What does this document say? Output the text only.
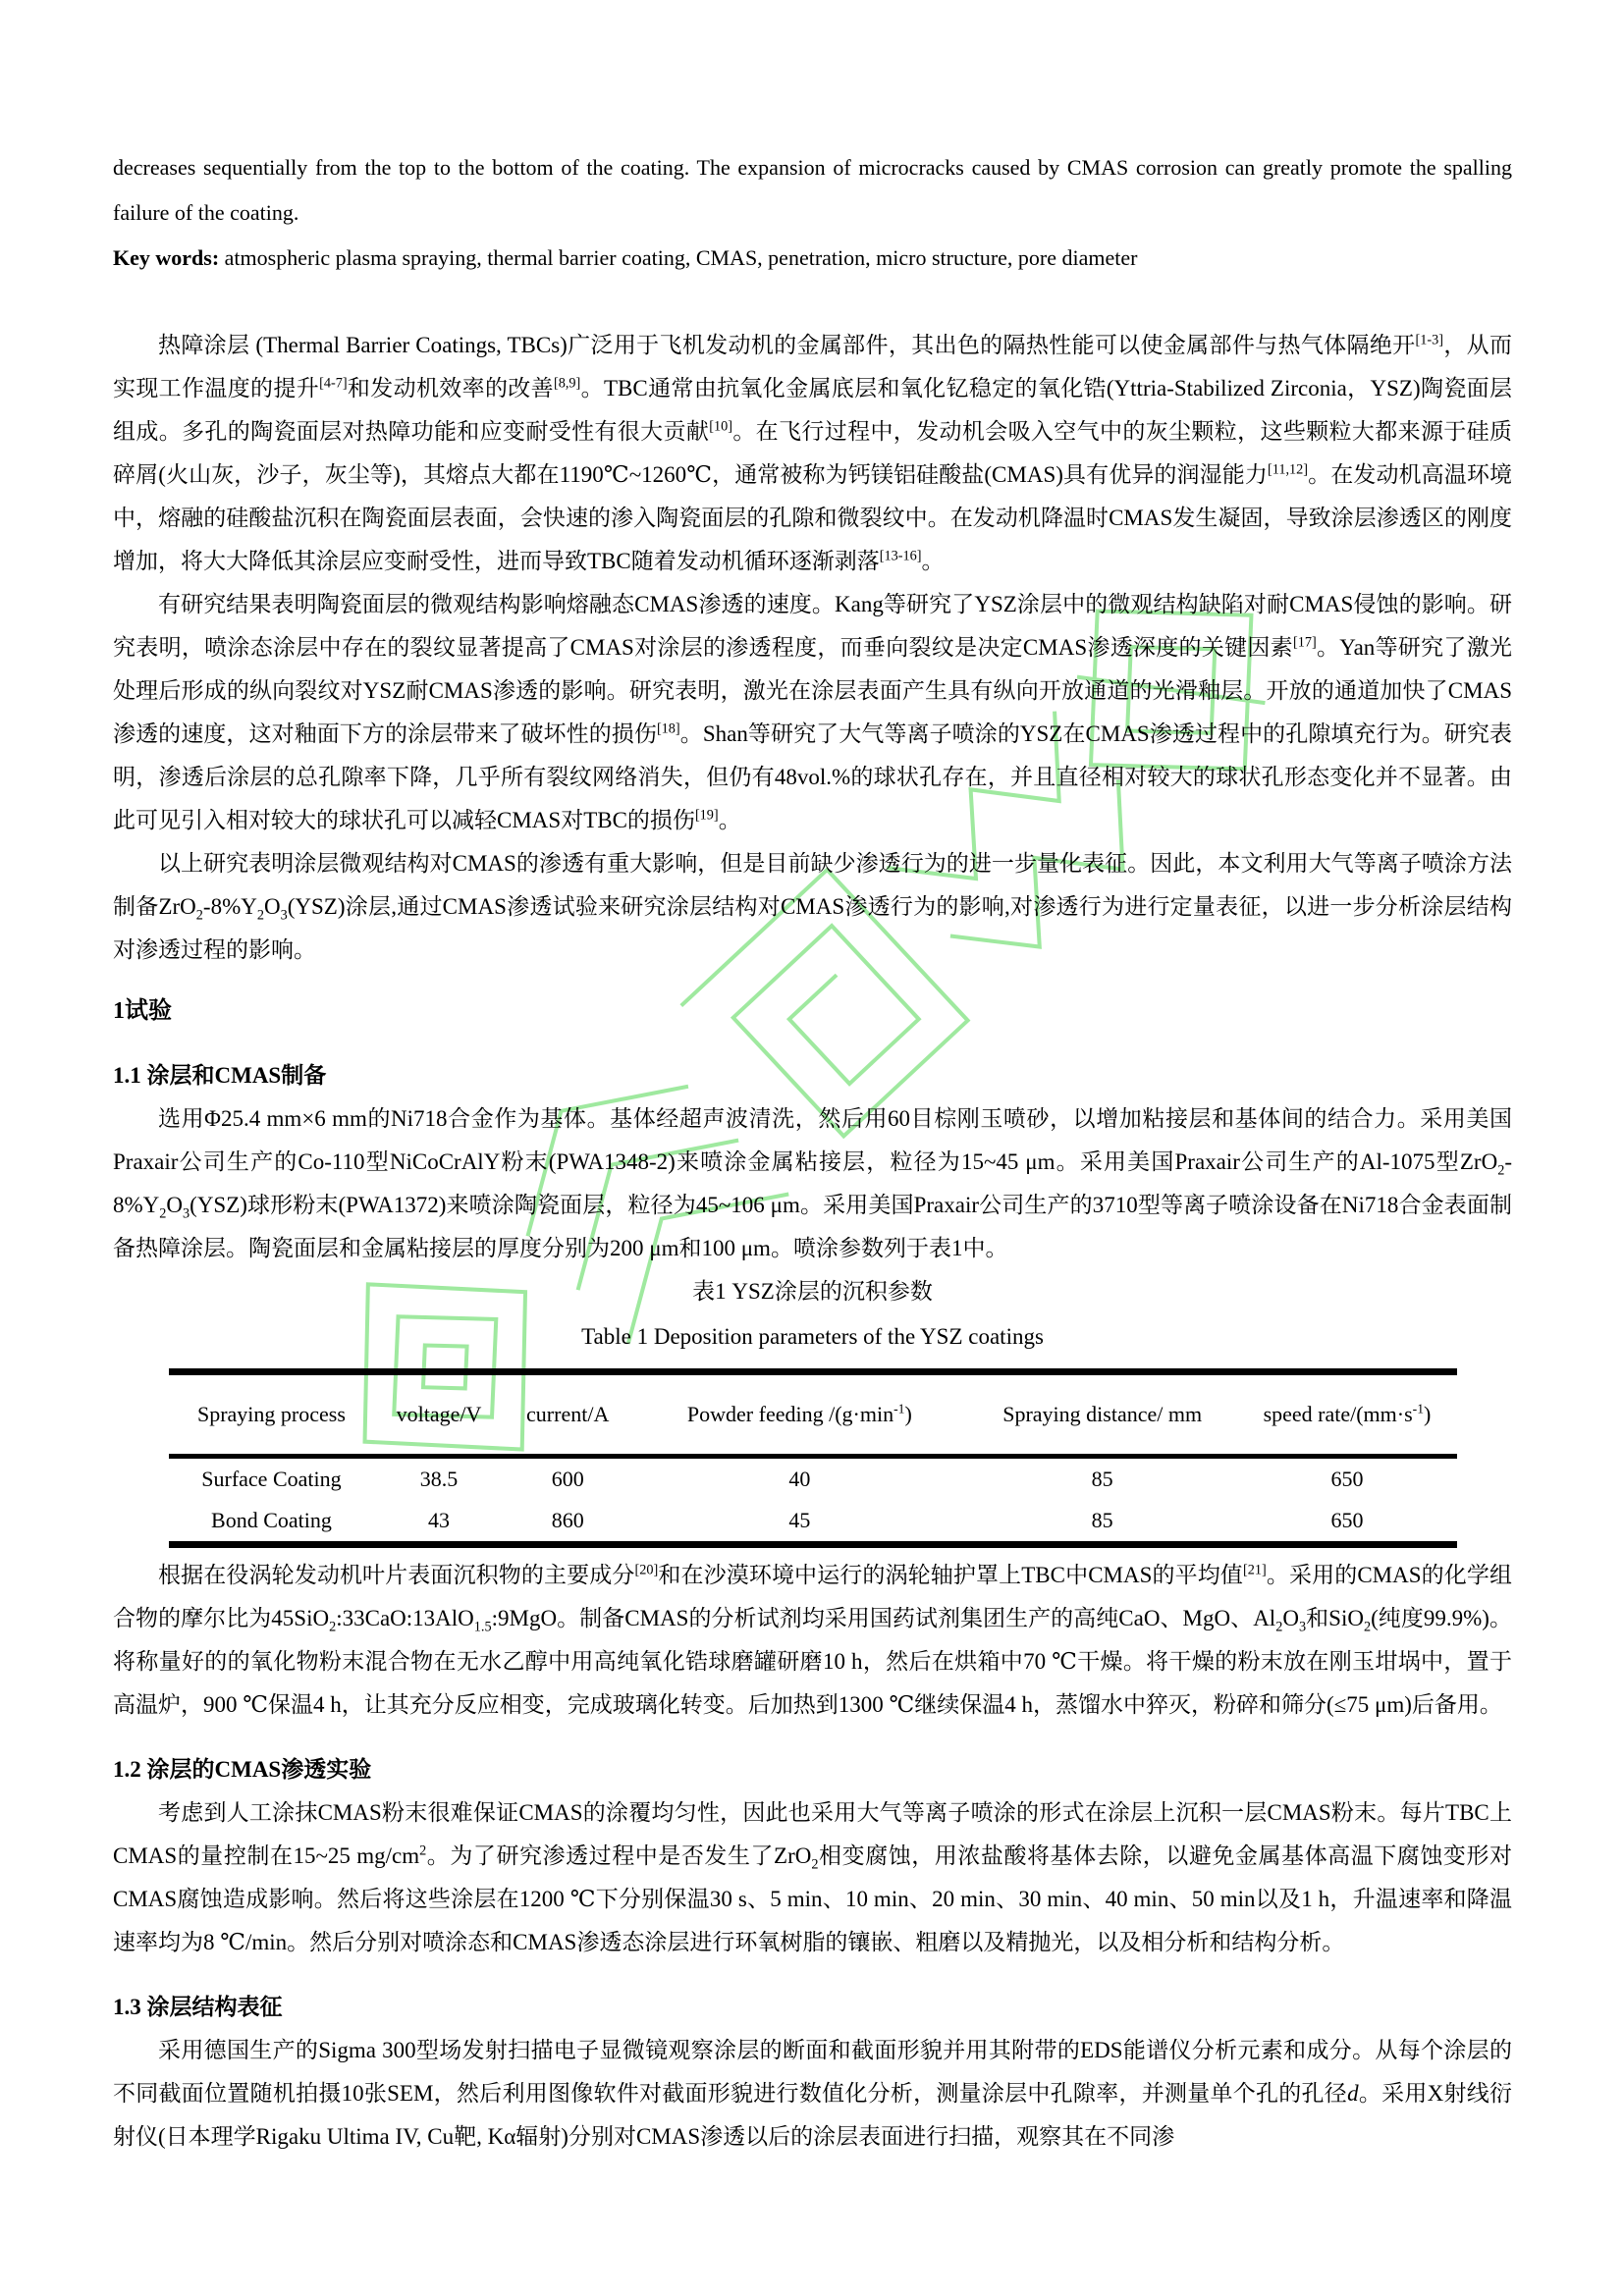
decreases sequentially from the top to the bottom of the coating. The expansion of microcracks caused by CMAS corrosion can greatly promote the spalling failure of the coating.

Key words: atmospheric plasma spraying, thermal barrier coating, CMAS, penetration, micro structure, pore diameter

热障涂层 (Thermal Barrier Coatings, TBCs)广泛用于飞机发动机的金属部件，其出色的隔热性能可以使金属部件与热气体隔绝开[1-3]，从而实现工作温度的提升[4-7]和发动机效率的改善[8,9]。TBC通常由抗氧化金属底层和氧化钇稳定的氧化锆(Yttria-Stabilized Zirconia，YSZ)陶瓷面层组成。多孔的陶瓷面层对热障功能和应变耐受性有很大贡献[10]。在飞行过程中，发动机会吸入空气中的灰尘颗粒，这些颗粒大都来源于硅质碎屑(火山灰，沙子，灰尘等)，其熔点大都在1190℃~1260℃，通常被称为钙镁铝硅酸盐(CMAS)具有优异的润湿能力[11,12]。在发动机高温环境中，熔融的硅酸盐沉积在陶瓷面层表面，会快速的渗入陶瓷面层的孔隙和微裂纹中。在发动机降温时CMAS发生凝固，导致涂层渗透区的刚度增加，将大大降低其涂层应变耐受性，进而导致TBC随着发动机循环逐渐剥落[13-16]。

有研究结果表明陶瓷面层的微观结构影响熔融态CMAS渗透的速度。Kang等研究了YSZ涂层中的微观结构缺陷对耐CMAS侵蚀的影响。研究表明，喷涂态涂层中存在的裂纹显著提高了CMAS对涂层的渗透程度，而垂向裂纹是决定CMAS渗透深度的关键因素[17]。Yan等研究了激光处理后形成的纵向裂纹对YSZ耐CMAS渗透的影响。研究表明，激光在涂层表面产生具有纵向开放通道的光滑釉层。开放的通道加快了CMAS渗透的速度，这对釉面下方的涂层带来了破坏性的损伤[18]。Shan等研究了大气等离子喷涂的YSZ在CMAS渗透过程中的孔隙填充行为。研究表明，渗透后涂层的总孔隙率下降，几乎所有裂纹网络消失，但仍有48vol.%的球状孔存在，并且直径相对较大的球状孔形态变化并不显著。由此可见引入相对较大的球状孔可以减轻CMAS对TBC的损伤[19]。

以上研究表明涂层微观结构对CMAS的渗透有重大影响，但是目前缺少渗透行为的进一步量化表征。因此，本文利用大气等离子喷涂方法制备$ZrO_2-8\%Y_2O_3(YSZ)$涂层,通过CMAS渗透试验来研究涂层结构对CMAS渗透行为的影响,对渗透行为进行定量表征，以进一步分析涂层结构对渗透过程的影响。

1试验
1.1 涂层和CMAS制备

选用Φ25.4 mm×6 mm的Ni718合金作为基体。基体经超声波清洗，然后用60目棕刚玉喷砂，以增加粘接层和基体间的结合力。采用美国Praxair公司生产的Co-110型NiCoCrAlY粉末(PWA1348-2)来喷涂金属粘接层，粒径为15~45 μm。采用美国Praxair公司生产的Al-1075型$ZrO_2-8\%Y_2O_3(YSZ)$球形粉末(PWA1372)来喷涂陶瓷面层，粒径为45~106 μm。采用美国Praxair公司生产的3710型等离子喷涂设备在Ni718合金表面制备热障涂层。陶瓷面层和金属粘接层的厚度分别为200 μm和100 μm。喷涂参数列于表1中。

表1 YSZ涂层的沉积参数
Table 1 Deposition parameters of the YSZ coatings
Spraying process	voltage/V	current/A	Powder feeding $/(g\cdot\min^{-1})$	Spraying distance/ mm	speed rate/$(mm\cdot s^{-1})$
Surface Coating	38.5	600	40	85	650
Bond Coating	43	860	45	85	650

根据在役涡轮发动机叶片表面沉积物的主要成分[20]和在沙漠环境中运行的涡轮轴护罩上TBC中CMAS的平均值[21]。采用的CMAS的化学组合物的摩尔比为45SiO$_2$:33CaO:13AlO$_{1.5}$:9MgO。制备CMAS的分析试剂均采用国药试剂集团生产的高纯CaO、MgO、$Al_2O_3$和SiO$_2$(纯度99.9%)。将称量好的的氧化物粉末混合物在无水乙醇中用高纯氧化锆球磨罐研磨10 h，然后在烘箱中70 ℃干燥。将干燥的粉末放在刚玉坩埚中，置于高温炉，900 ℃保温4 h，让其充分反应相变，完成玻璃化转变。后加热到1300 ℃继续保温4 h，蒸馏水中猝灭，粉碎和筛分(≤75 μm)后备用。

1.2 涂层的CMAS渗透实验

考虑到人工涂抹CMAS粉末很难保证CMAS的涂覆均匀性，因此也采用大气等离子喷涂的形式在涂层上沉积一层CMAS粉末。每片TBC上CMAS的量控制在15~25 $mg/cm^2$。为了研究渗透过程中是否发生了ZrO$_2$相变腐蚀，用浓盐酸将基体去除，以避免金属基体高温下腐蚀变形对CMAS腐蚀造成影响。然后将这些涂层在1200 ℃下分别保温30 s、5 min、10 min、20 min、30 min、40 min、50 min以及1 h，升温速率和降温速率均为8 ℃/min。然后分别对喷涂态和CMAS渗透态涂层进行环氧树脂的镶嵌、粗磨以及精抛光，以及相分析和结构分析。

1.3 涂层结构表征

采用德国生产的Sigma 300型场发射扫描电子显微镜观察涂层的断面和截面形貌并用其附带的EDS能谱仪分析元素和成分。从每个涂层的不同截面位置随机拍摄10张SEM，然后利用图像软件对截面形貌进行数值化分析，测量涂层中孔隙率，并测量单个孔的孔径d。采用X射线衍射仪(日本理学Rigaku Ultima IV, Cu靶, Kα辐射)分别对CMAS渗透以后的涂层表面进行扫描，观察其在不同渗
